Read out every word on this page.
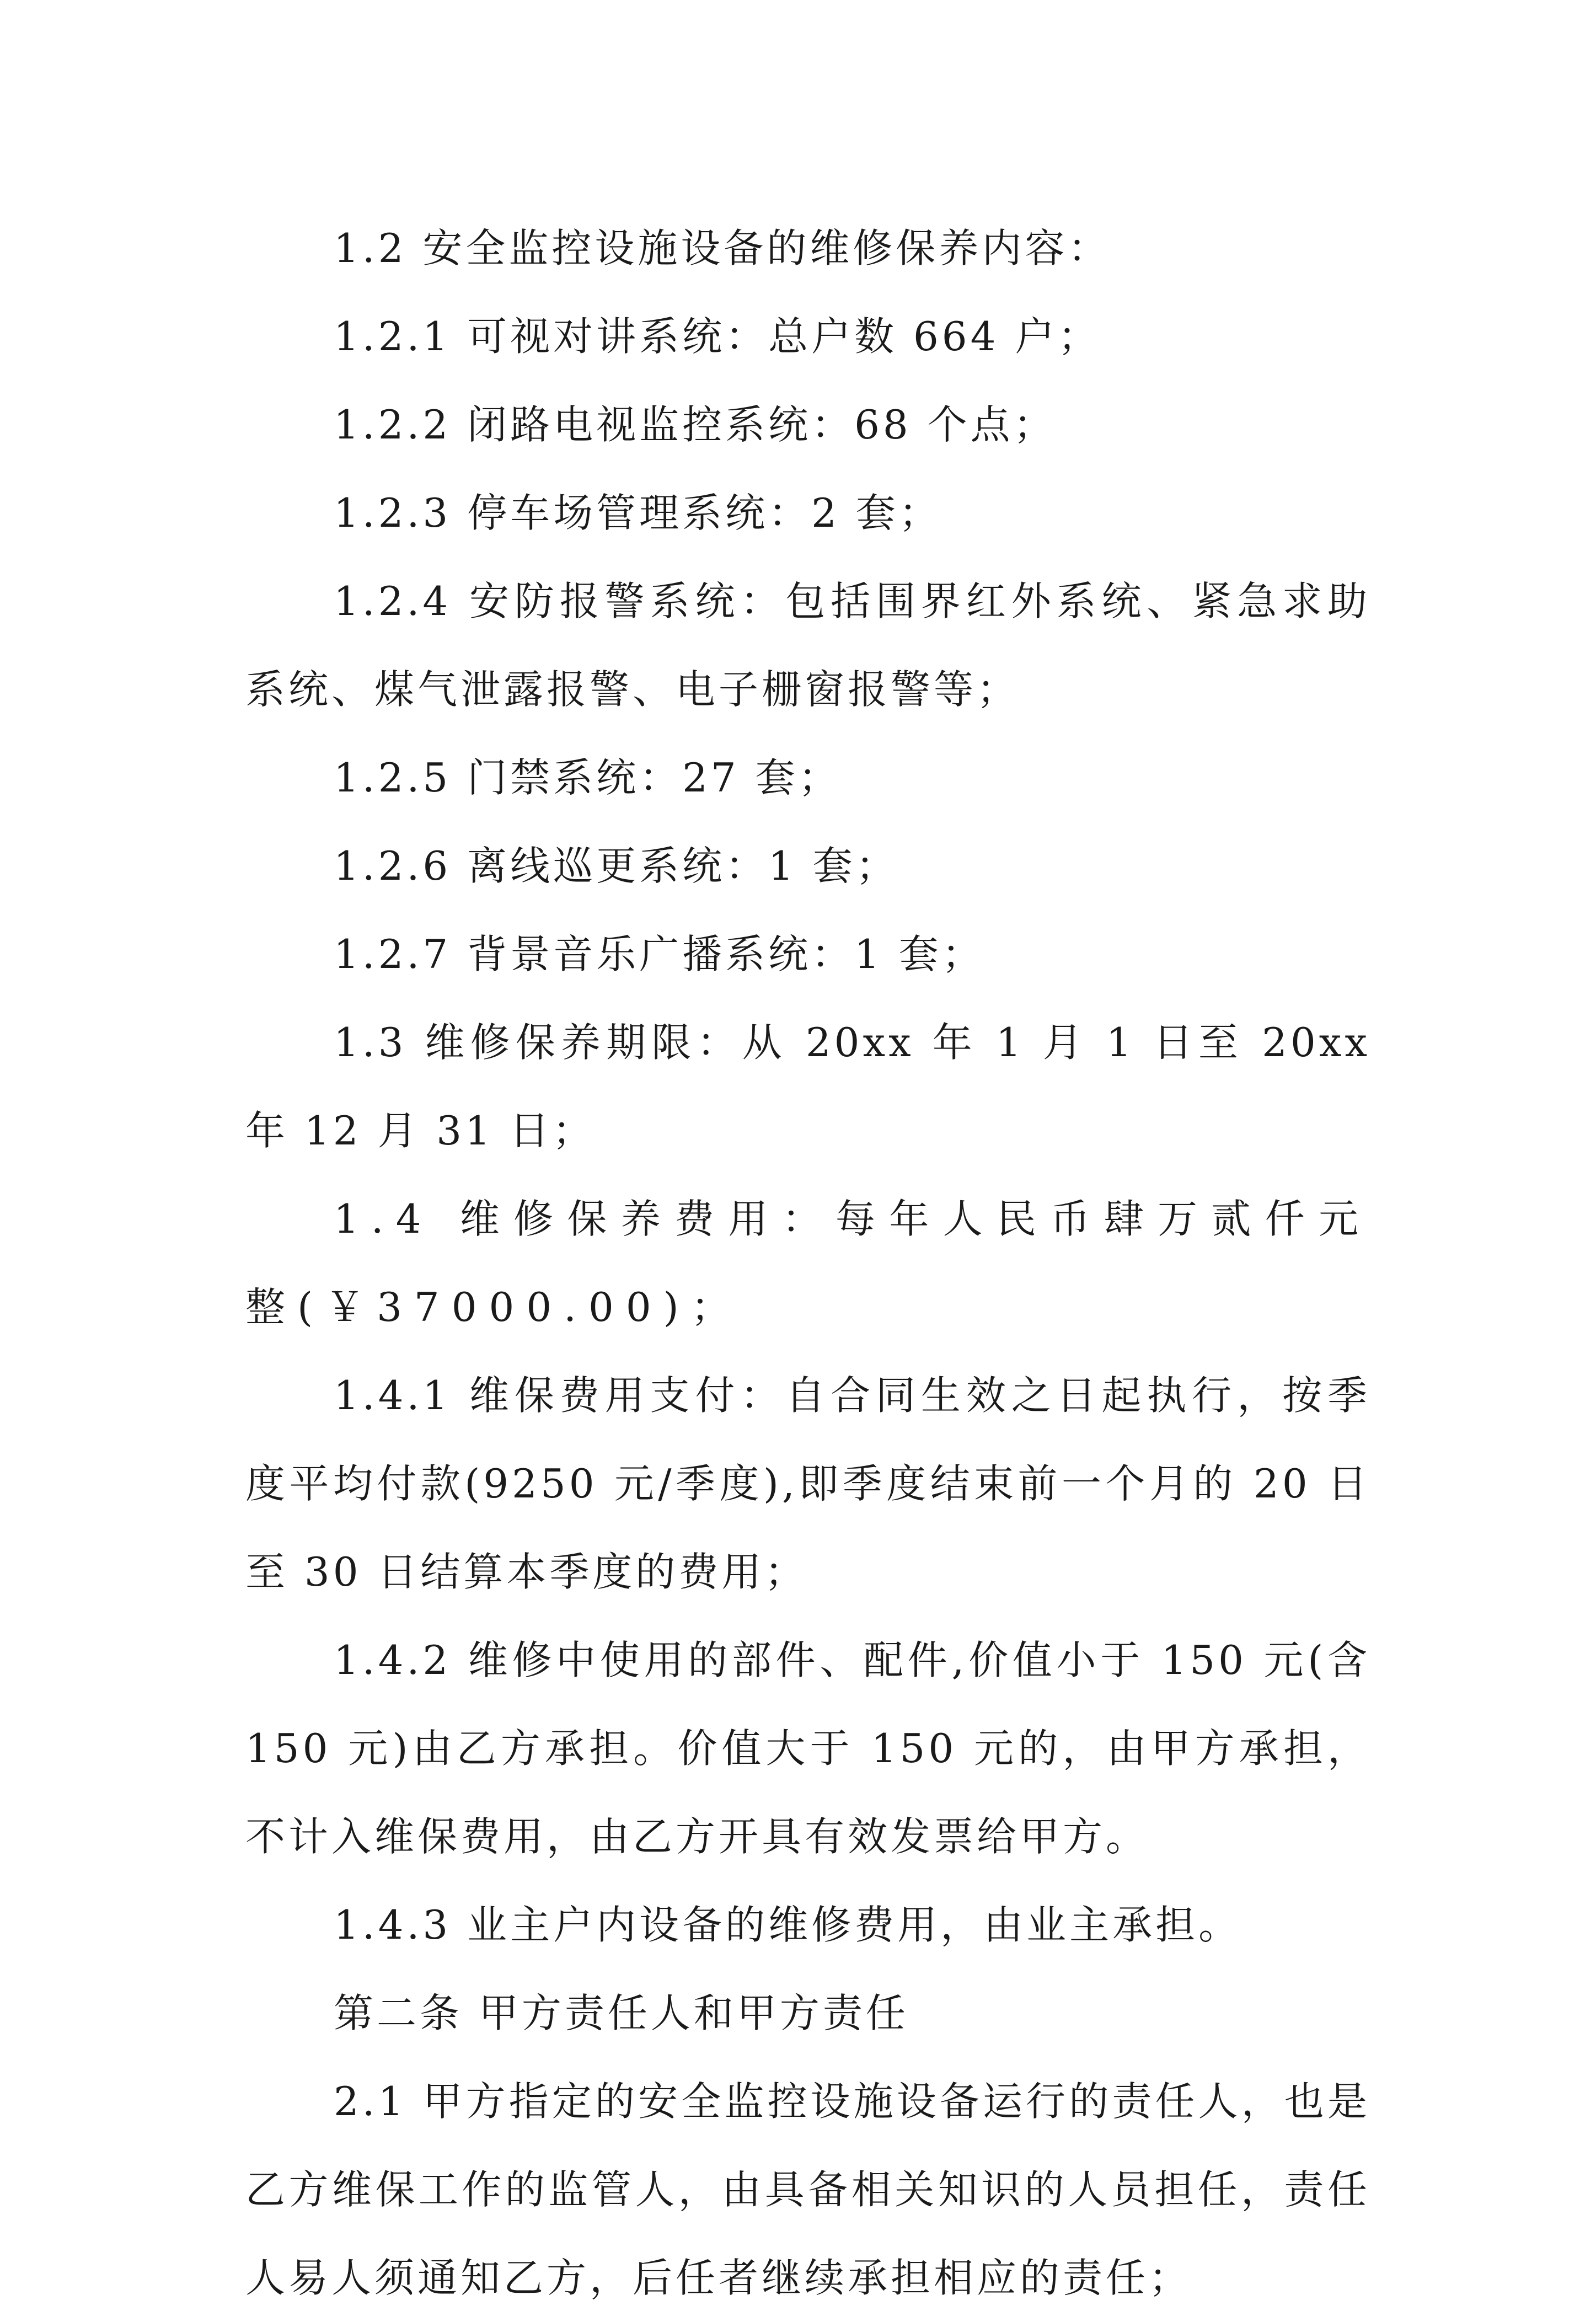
1.2 安全监控设施设备的维修保养内容：

1.2.1 可视对讲系统：总户数 664 户；

1.2.2 闭路电视监控系统：68 个点；

1.2.3 停车场管理系统：2 套；

1.2.4 安防报警系统：包括围界红外系统、紧急求助系统、煤气泄露报警、电子栅窗报警等；

1.2.5 门禁系统：27 套；

1.2.6 离线巡更系统：1 套；

1.2.7 背景音乐广播系统：1 套；

1.3 维修保养期限：从 20xx 年 1 月 1 日至 20xx 年 12 月 31 日；

1.4 维修保养费用：每年人民币肆万贰仟元整(￥37000.00)；

1.4.1 维保费用支付：自合同生效之日起执行，按季度平均付款(9250 元/季度),即季度结束前一个月的 20 日至 30 日结算本季度的费用；

1.4.2 维修中使用的部件、配件,价值小于 150 元(含 150 元)由乙方承担。价值大于 150 元的，由甲方承担，不计入维保费用，由乙方开具有效发票给甲方。

1.4.3 业主户内设备的维修费用，由业主承担。

第二条 甲方责任人和甲方责任

2.1 甲方指定的安全监控设施设备运行的责任人，也是乙方维保工作的监管人，由具备相关知识的人员担任，责任人易人须通知乙方，后任者继续承担相应的责任；
